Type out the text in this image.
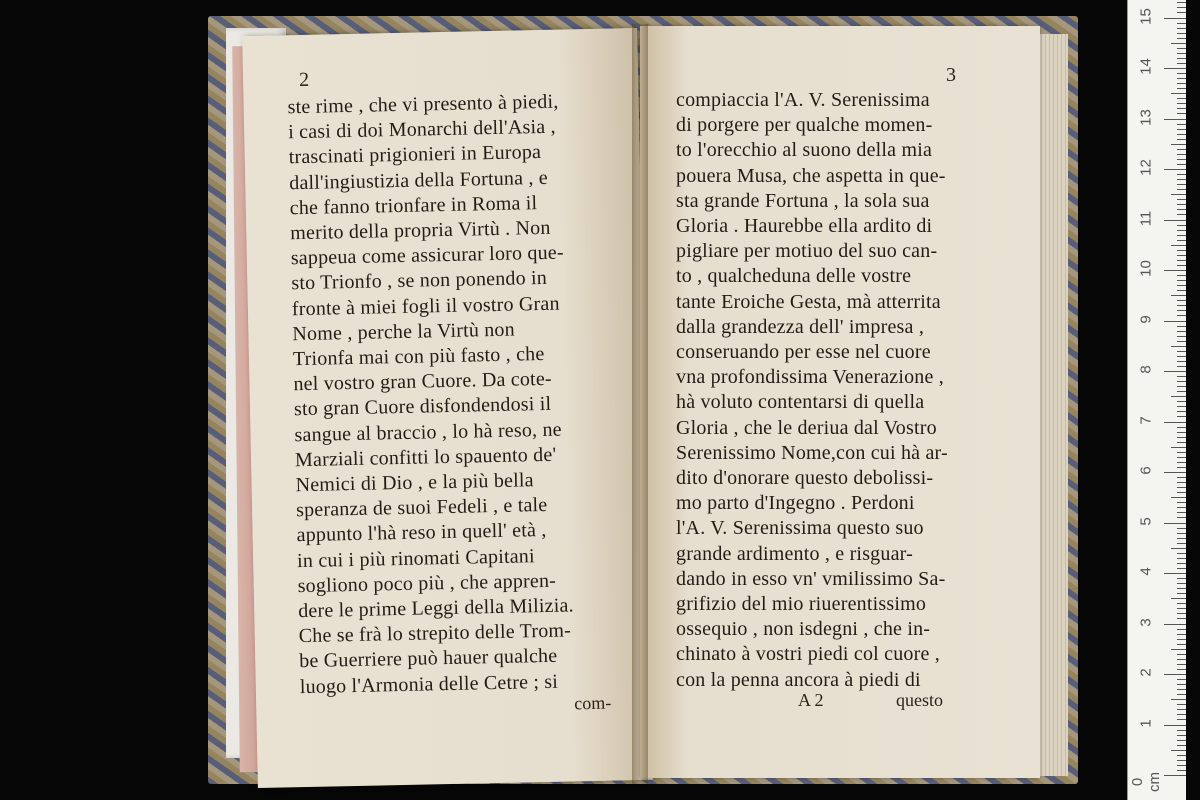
2
ste rime , che vi presento à piedi,
i casi di doi Monarchi dell'Asia ,
trascinati prigionieri in Europa
dall'ingiustizia della Fortuna , e
che fanno trionfare in Roma il
merito della propria Virtù . Non
sappeua come assicurar loro que-
sto Trionfo , se non ponendo in
fronte à miei fogli il vostro Gran
Nome , perche la Virtù non
Trionfa mai con più fasto , che
nel vostro gran Cuore. Da cote-
sto gran Cuore disfondendosi il
sangue al braccio , lo hà reso, ne
Marziali confitti lo spauento de'
Nemici di Dio , e la più bella
speranza de suoi Fedeli , e tale
appunto l'hà reso in quell' età ,
in cui i più rinomati Capitani
sogliono poco più , che appren-
dere le prime Leggi della Milizia.
Che se frà lo strepito delle Trom-
be Guerriere può hauer qualche
luogo l'Armonia delle Cetre ; si
com-
3
compiaccia l'A. V. Serenissima
di porgere per qualche momen-
to l'orecchio al suono della mia
pouera Musa, che aspetta in que-
sta grande Fortuna , la sola sua
Gloria . Haurebbe ella ardito di
pigliare per motiuo del suo can-
to , qualcheduna delle vostre
tante Eroiche Gesta, mà atterrita
dalla grandezza dell' impresa ,
conseruando per esse nel cuore
vna profondissima Venerazione ,
hà voluto contentarsi di quella
Gloria , che le deriua dal Vostro
Serenissimo Nome,con cui hà ar-
dito d'onorare questo debolissi-
mo parto d'Ingegno . Perdoni
l'A. V. Serenissima questo suo
grande ardimento , e risguar-
dando in esso vn' vmilissimo Sa-
grifizio del mio riuerentissimo
ossequio , non isdegni , che in-
chinato à vostri piedi col cuore ,
con la penna ancora à piedi di
A 2	questo
0 cm
1
2
3
4
5
6
7
8
9
10
11
12
13
14
15
